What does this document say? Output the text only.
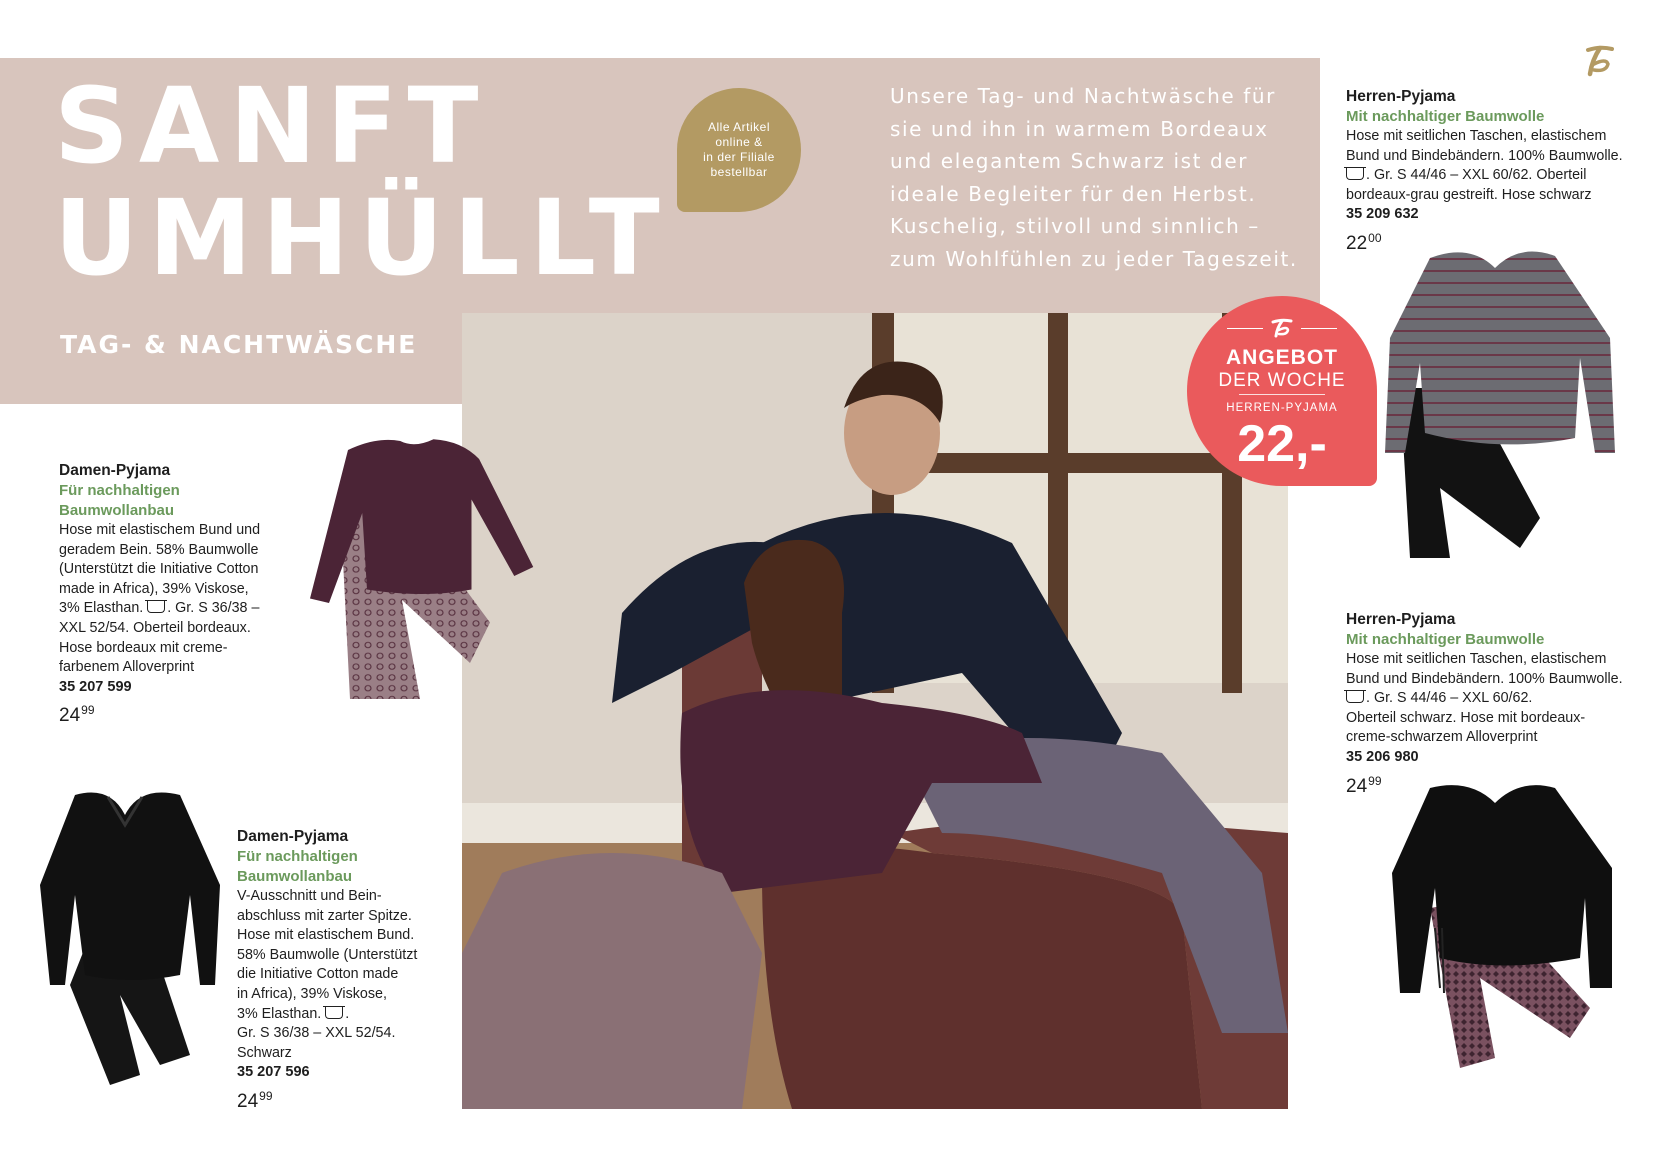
SANFT
UMHÜLLT
TAG- & NACHTWÄSCHE
Alle Artikel
online &
in der Filiale
bestellbar
Unsere Tag- und Nachtwäsche für
sie und ihn in warmem Bordeaux
und elegantem Schwarz ist der
ideale Begleiter für den Herbst.
Kuschelig, stilvoll und sinnlich –
zum Wohlfühlen zu jeder Tageszeit.
ANGEBOT
DER WOCHE
HERREN-PYJAMA
22,-
Damen-Pyjama
Für nachhaltigen
Baumwollanbau
Hose mit elastischem Bund und
geradem Bein. 58% Baumwolle
(Unterstützt die Initiative Cotton
made in Africa), 39% Viskose,
3% Elasthan. . Gr. S 36/38 –
XXL 52/54. Oberteil bordeaux.
Hose bordeaux mit creme-
farbenem Alloverprint
35 207 599
$24^{99}$
Damen-Pyjama
Für nachhaltigen
Baumwollanbau
V-Ausschnitt und Bein-
abschluss mit zarter Spitze.
Hose mit elastischem Bund.
58% Baumwolle (Unterstützt
die Initiative Cotton made
in Africa), 39% Viskose,
3% Elasthan. .
Gr. S 36/38 – XXL 52/54.
Schwarz
35 207 596
$24^{99}$
Herren-Pyjama
Mit nachhaltiger Baumwolle
Hose mit seitlichen Taschen, elastischem
Bund und Bindebändern. 100% Baumwolle.
. Gr. S 44/46 – XXL 60/62. Oberteil
bordeaux-grau gestreift. Hose schwarz
35 209 632
$22^{00}$
Herren-Pyjama
Mit nachhaltiger Baumwolle
Hose mit seitlichen Taschen, elastischem
Bund und Bindebändern. 100% Baumwolle.
. Gr. S 44/46 – XXL 60/62.
Oberteil schwarz. Hose mit bordeaux-
creme-schwarzem Alloverprint
35 206 980
$24^{99}$
